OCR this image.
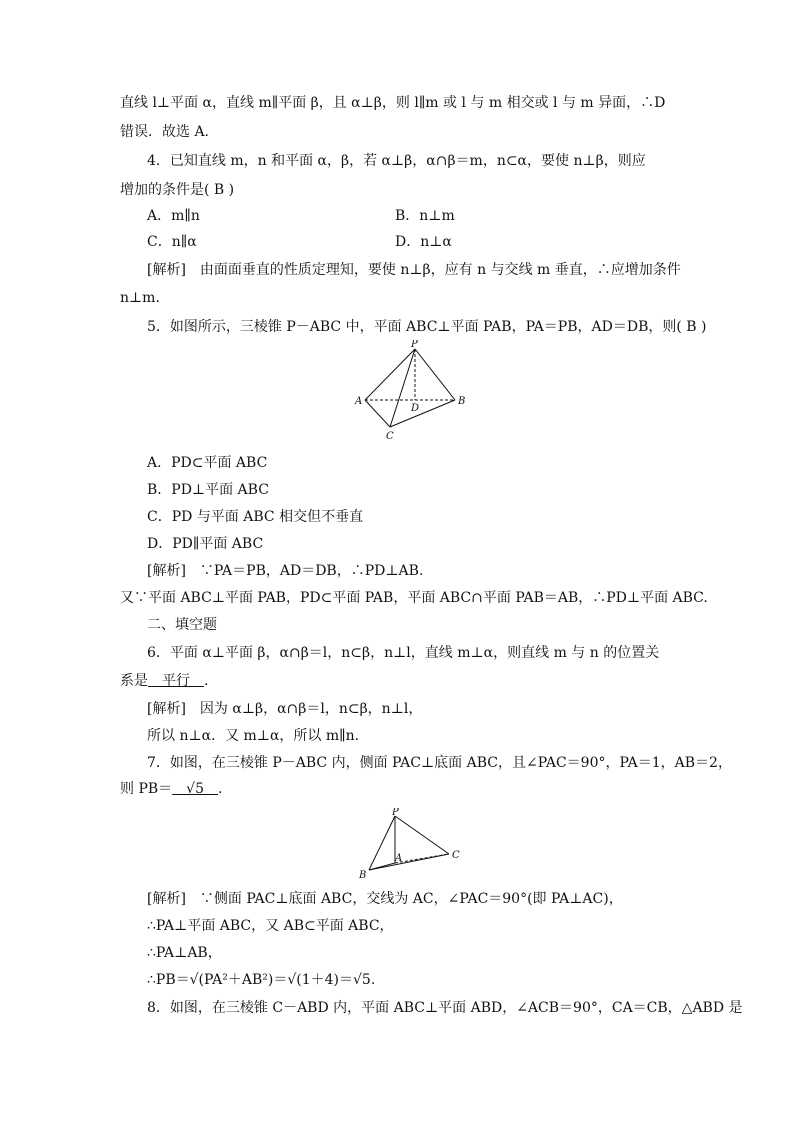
直线 l⊥平面 α，直线 m∥平面 β，且 α⊥β，则 l∥m 或 l 与 m 相交或 l 与 m 异面，∴D
错误．故选 A.
4．已知直线 m，n 和平面 α，β，若 α⊥β，α∩β＝m，n⊂α，要使 n⊥β，则应
增加的条件是( B )
A．m∥n	B．n⊥m
C．n∥α	D．n⊥α
[解析]　由面面垂直的性质定理知，要使 n⊥β，应有 n 与交线 m 垂直，∴应增加条件
n⊥m.
5．如图所示，三棱锥 P－ABC 中，平面 ABC⊥平面 PAB，PA＝PB，AD＝DB，则( B )
P
A	B
C
D
A．PD⊂平面 ABC
B．PD⊥平面 ABC
C．PD 与平面 ABC 相交但不垂直
D．PD∥平面 ABC
[解析]　∵PA＝PB，AD＝DB，∴PD⊥AB.
又∵平面 ABC⊥平面 PAB，PD⊂平面 PAB，平面 ABC∩平面 PAB＝AB，∴PD⊥平面 ABC.
二、填空题
6．平面 α⊥平面 β，α∩β＝l，n⊂β，n⊥l，直线 m⊥α，则直线 m 与 n 的位置关
系是　平行　.
[解析]　因为 α⊥β，α∩β＝l，n⊂β，n⊥l，
所以 n⊥α．又 m⊥α，所以 m∥n.
7．如图，在三棱锥 P－ABC 内，侧面 PAC⊥底面 ABC，且∠PAC＝90°，PA＝1，AB＝2，
则 PB＝　√5　.
P
A
B
C
[解析]　∵侧面 PAC⊥底面 ABC，交线为 AC，∠PAC＝90°(即 PA⊥AC)，
∴PA⊥平面 ABC，又 AB⊂平面 ABC，
∴PA⊥AB，
∴PB＝√(PA²＋AB²)＝√(1＋4)＝√5.
8．如图，在三棱锥 C－ABD 内，平面 ABC⊥平面 ABD，∠ACB＝90°，CA＝CB，△ABD 是
